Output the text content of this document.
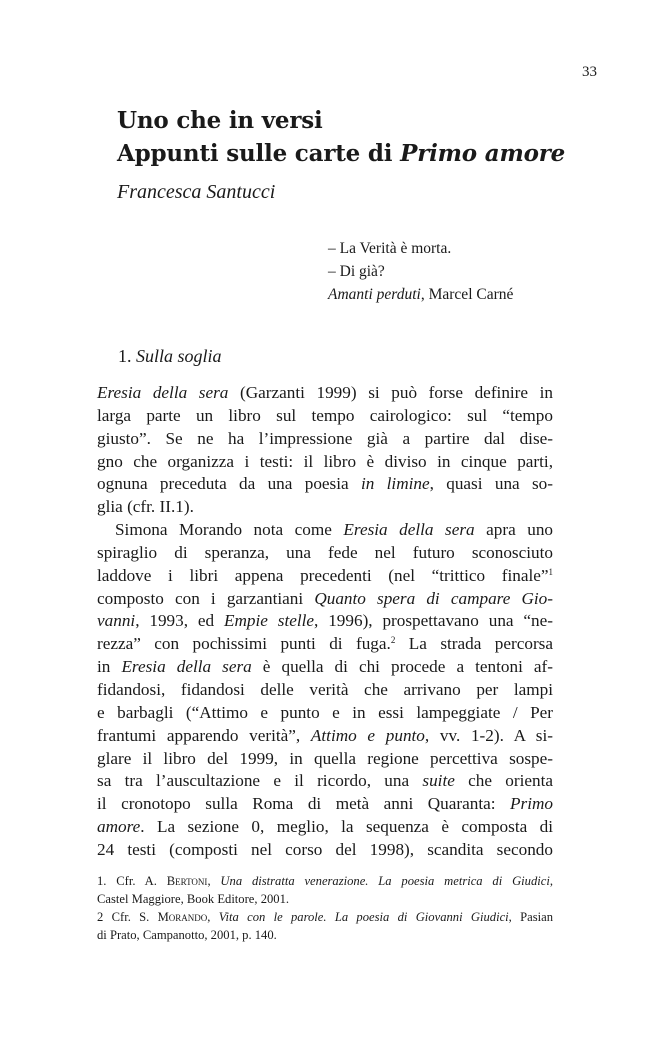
33
Uno che in versi
Appunti sulle carte di Primo amore
Francesca Santucci
– La Verità è morta.
– Di già?
Amanti perduti, Marcel Carné
1. Sulla soglia
Eresia della sera (Garzanti 1999) si può forse definire in
larga parte un libro sul tempo cairologico: sul “tempo
giusto”. Se ne ha l’impressione già a partire dal dise-
gno che organizza i testi: il libro è diviso in cinque parti,
ognuna preceduta da una poesia in limine, quasi una so-
glia (cfr. II.1).
Simona Morando nota come Eresia della sera apra uno
spiraglio di speranza, una fede nel futuro sconosciuto
laddove i libri appena precedenti (nel “trittico finale”$^1$
composto con i garzantiani Quanto spera di campare Gio-
vanni, 1993, ed Empie stelle, 1996), prospettavano una “ne-
rezza” con pochissimi punti di fuga.$^2$ La strada percorsa
in Eresia della sera è quella di chi procede a tentoni af-
fidandosi, fidandosi delle verità che arrivano per lampi
e barbagli (“Attimo e punto e in essi lampeggiate / Per
frantumi apparendo verità”, Attimo e punto, vv. 1-2). A si-
glare il libro del 1999, in quella regione percettiva sospe-
sa tra l’auscultazione e il ricordo, una suite che orienta
il cronotopo sulla Roma di metà anni Quaranta: Primo
amore. La sezione 0, meglio, la sequenza è composta di
24 testi (composti nel corso del 1998), scandita secondo
1. Cfr. A. Bertoni, Una distratta venerazione. La poesia metrica di Giudici,
Castel Maggiore, Book Editore, 2001.
2 Cfr. S. Morando, Vita con le parole. La poesia di Giovanni Giudici, Pasian
di Prato, Campanotto, 2001, p. 140.
